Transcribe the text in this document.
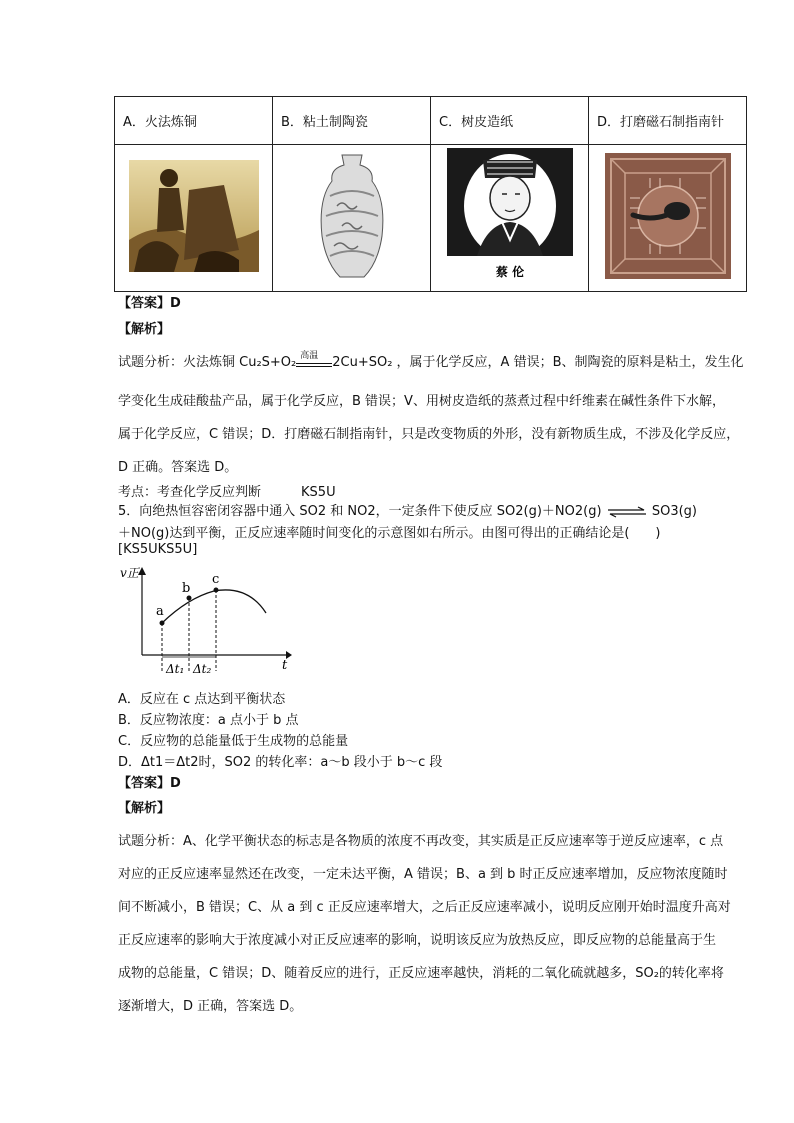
A．火法炼铜	B．粘土制陶瓷	C．树皮造纸	D．打磨磁石制指南针

蔡 伦

【答案】D
【解析】
试题分析：火法炼铜 Cu₂S+O₂ 高温 2Cu+SO₂ ，属于化学反应，A 错误；B、制陶瓷的原料是粘土，发生化
学变化生成硅酸盐产品，属于化学反应，B 错误；V、用树皮造纸的蒸煮过程中纤维素在碱性条件下水解，
属于化学反应，C 错误；D．打磨磁石制指南针，只是改变物质的外形，没有新物质生成，不涉及化学反应，
D 正确。答案选 D。
考点：考查化学反应判断	KS5U
5．向绝热恒容密闭容器中通入 SO2 和 NO2，一定条件下使反应 SO2(g)＋NO2(g) ⇌ SO3(g)
＋NO(g)达到平衡，正反应速率随时间变化的示意图如右所示。由图可得出的正确结论是(　　)
[KS5UKS5U]
v正
t
a
b
c
Δt₁ Δt₂
A．反应在 c 点达到平衡状态
B．反应物浓度：a 点小于 b 点
C．反应物的总能量低于生成物的总能量
D．Δt1＝Δt2时，SO2 的转化率：a～b 段小于 b～c 段
【答案】D
【解析】
试题分析：A、化学平衡状态的标志是各物质的浓度不再改变，其实质是正反应速率等于逆反应速率，c 点
对应的正反应速率显然还在改变，一定未达平衡，A 错误；B、a 到 b 时正反应速率增加，反应物浓度随时
间不断减小，B 错误；C、从 a 到 c 正反应速率增大，之后正反应速率减小，说明反应刚开始时温度升高对
正反应速率的影响大于浓度减小对正反应速率的影响，说明该反应为放热反应，即反应物的总能量高于生
成物的总能量，C 错误；D、随着反应的进行，正反应速率越快，消耗的二氧化硫就越多，SO₂的转化率将
逐渐增大，D 正确，答案选 D。
